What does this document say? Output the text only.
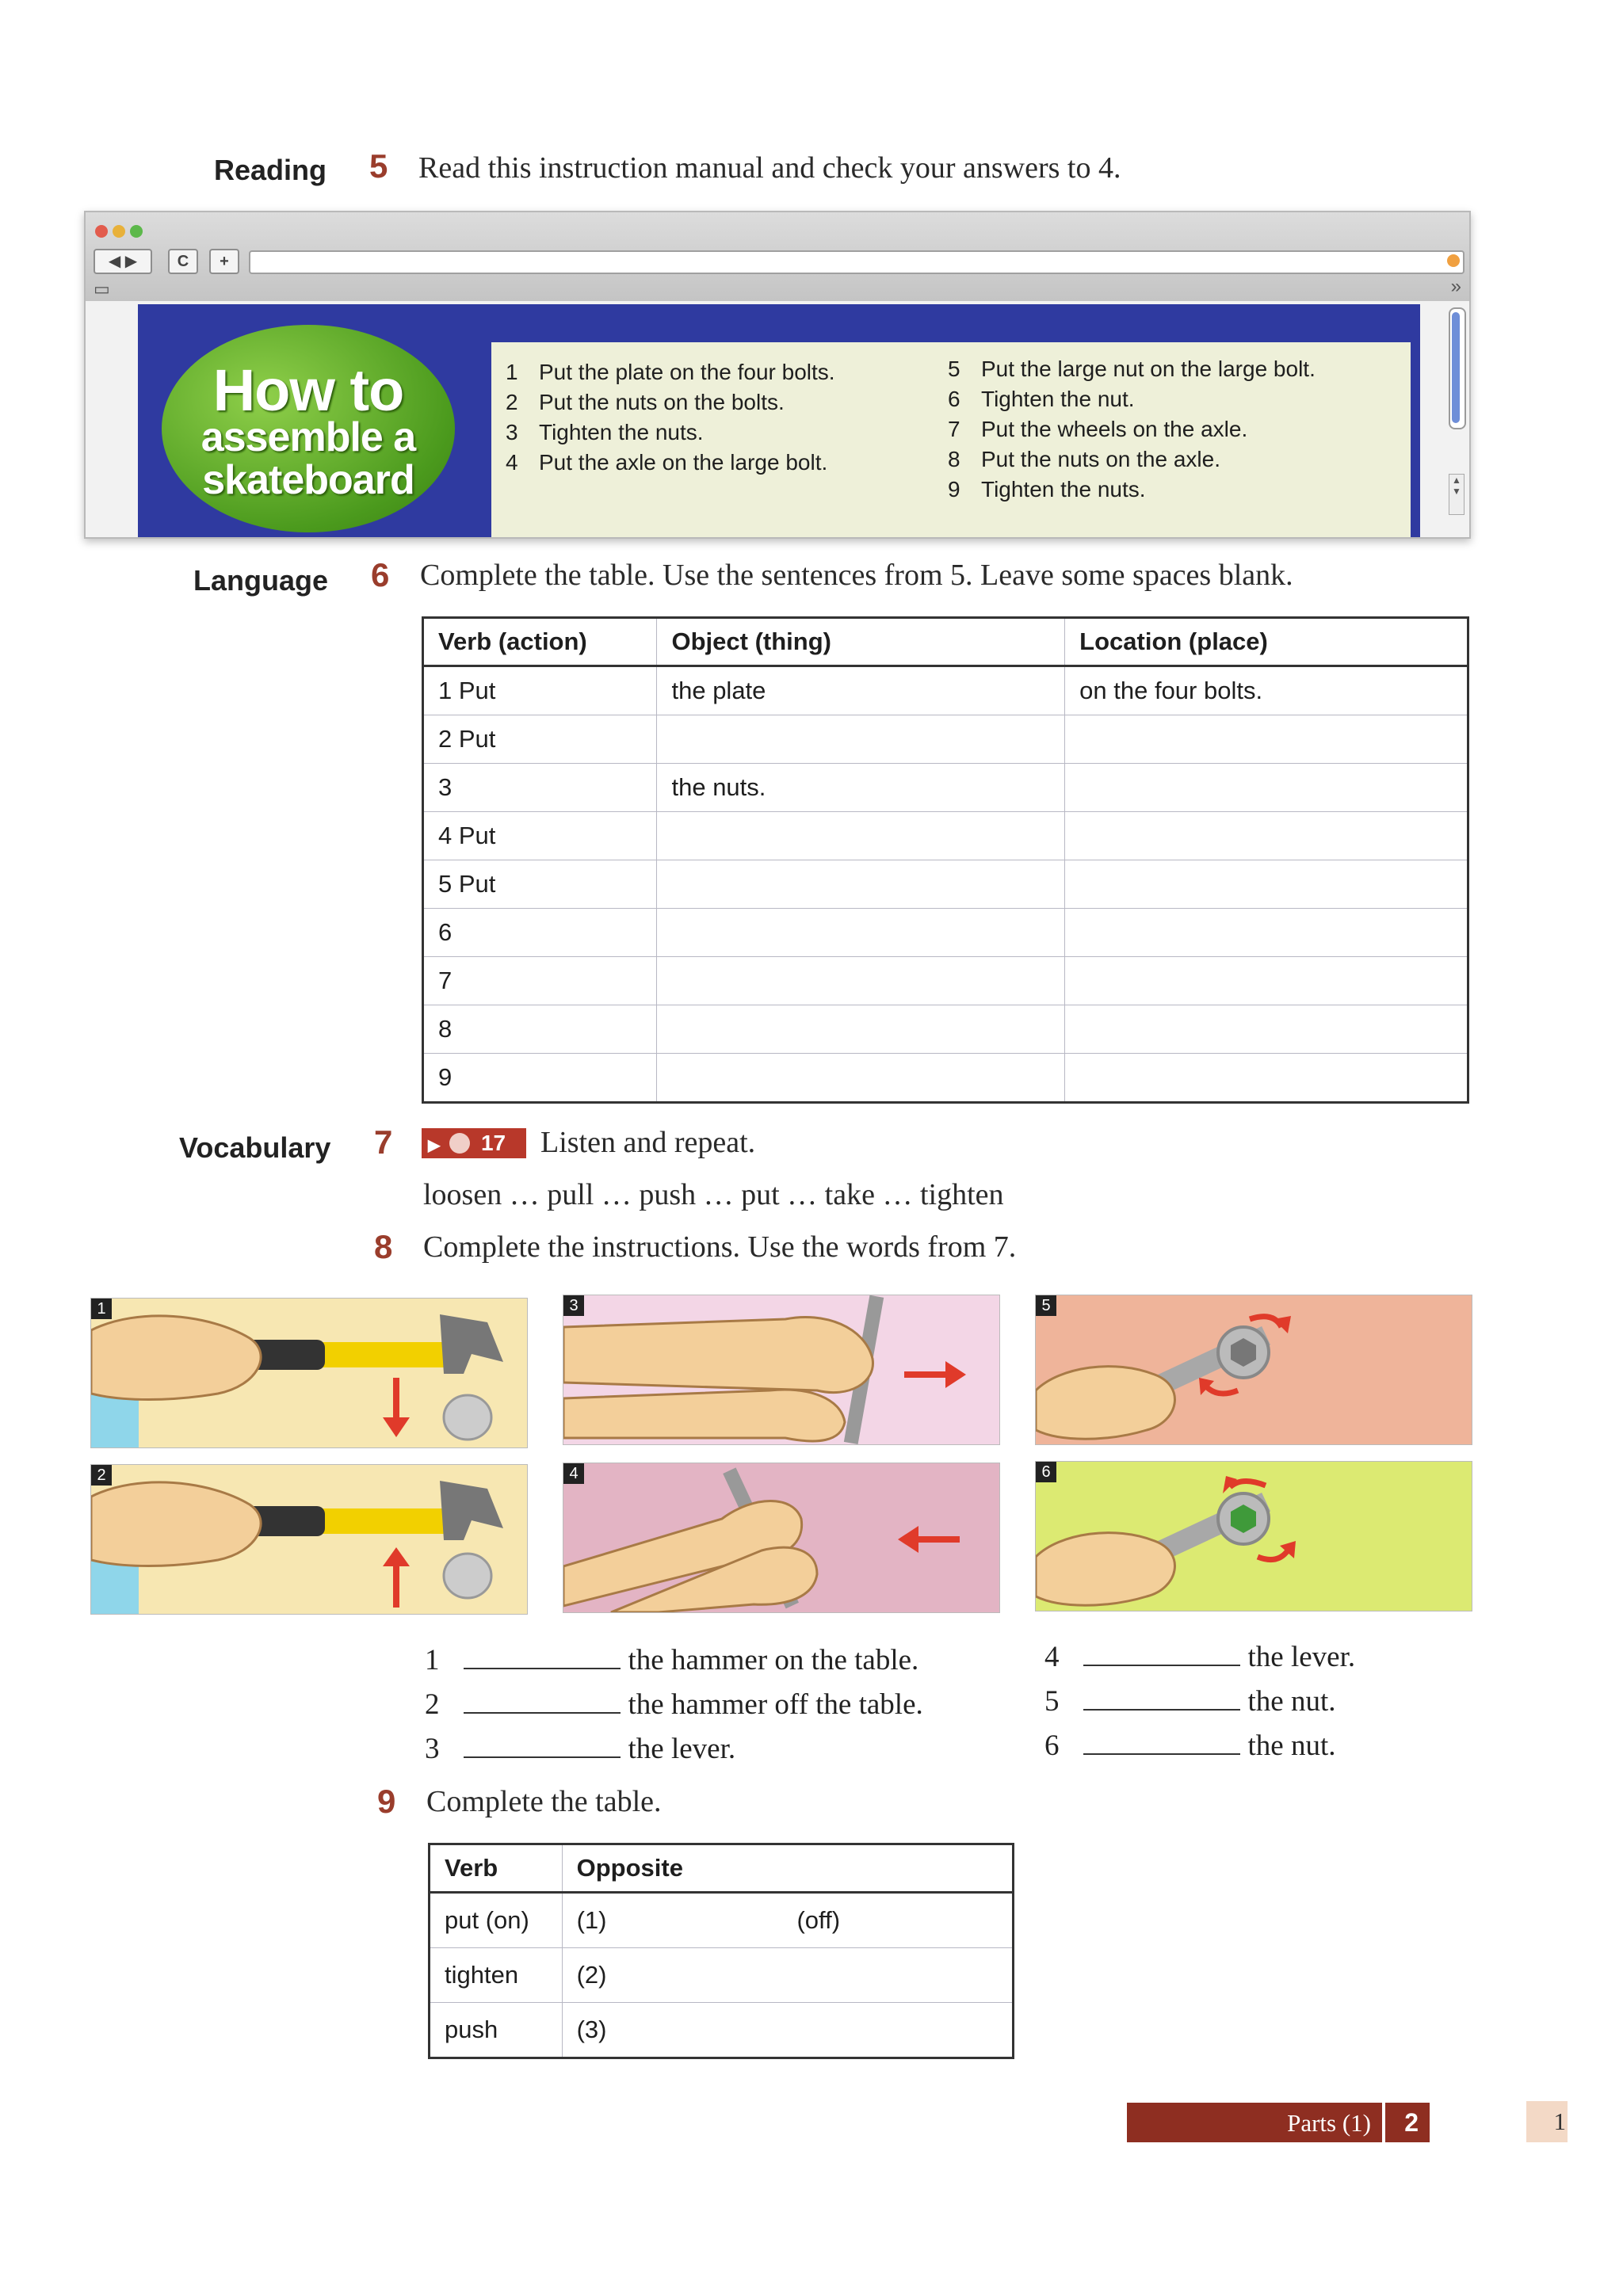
Reading 5 Read this instruction manual and check your answers to 4.
◀ ▶	C	+
▭	»
How to
assemble a
skateboard
1 Put the plate on the four bolts.
2 Put the nuts on the bolts.
3 Tighten the nuts.
4 Put the axle on the large bolt.
5 Put the large nut on the large bolt.
6 Tighten the nut.
7 Put the wheels on the axle.
8 Put the nuts on the axle.
9 Tighten the nuts.	▲
▼
Language 6 Complete the table. Use the sentences from 5. Leave some spaces blank.
Verb (action)	Object (thing)	Location (place)
1 Put	the plate	on the four bolts.
2 Put		
3	the nuts.	
4 Put		
5 Put		
6		
7		
8		
9		
Vocabulary 7	▶ 17	Listen and repeat.
loosen … pull … push … put … take … tighten
8 Complete the instructions. Use the words from 7.
1
2
3
4
5
6
1	the hammer on the table.
2	the hammer off the table.
3	the lever.
4	the lever.
5	the nut.
6	the nut.
9 Complete the table.
Verb	Opposite
put (on)	(1) (off)
tighten	(2)
push	(3)
Parts (1) 2	1
